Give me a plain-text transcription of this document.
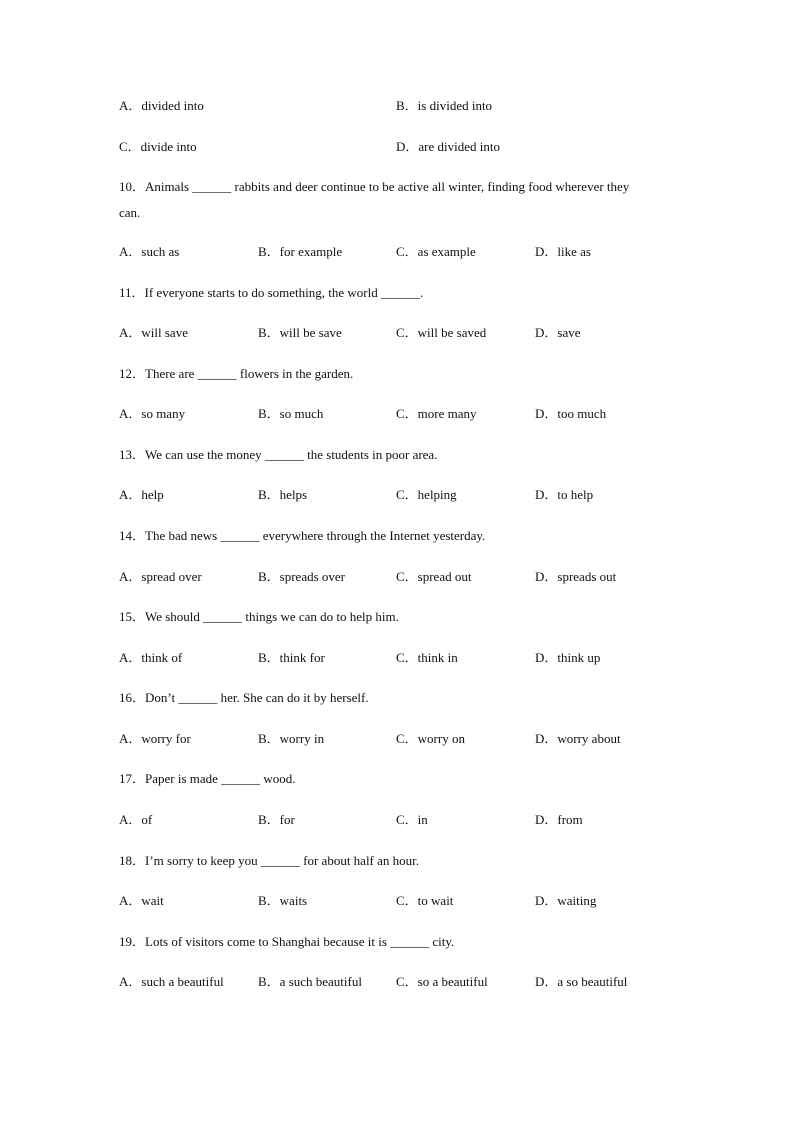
A．divided into	B．is divided into
C．divide into	D．are divided into
10．Animals ______ rabbits and deer continue to be active all winter, finding food wherever they
can.
A．such as	B．for example	C．as example	D．like as
11．If everyone starts to do something, the world ______.
A．will save	B．will be save	C．will be saved	D．save
12．There are ______ flowers in the garden.
A．so many	B．so much	C．more many	D．too much
13．We can use the money ______ the students in poor area.
A．help	B．helps	C．helping	D．to help
14．The bad news ______ everywhere through the Internet yesterday.
A．spread over	B．spreads over	C．spread out	D．spreads out
15．We should ______ things we can do to help him.
A．think of	B．think for	C．think in	D．think up
16．Don’t ______ her. She can do it by herself.
A．worry for	B．worry in	C．worry on	D．worry about
17．Paper is made ______ wood.
A．of	B．for	C．in	D．from
18．I’m sorry to keep you ______ for about half an hour.
A．wait	B．waits	C．to wait	D．waiting
19．Lots of visitors come to Shanghai because it is ______ city.
A．such a beautiful	B．a such beautiful	C．so a beautiful	D．a so beautiful
